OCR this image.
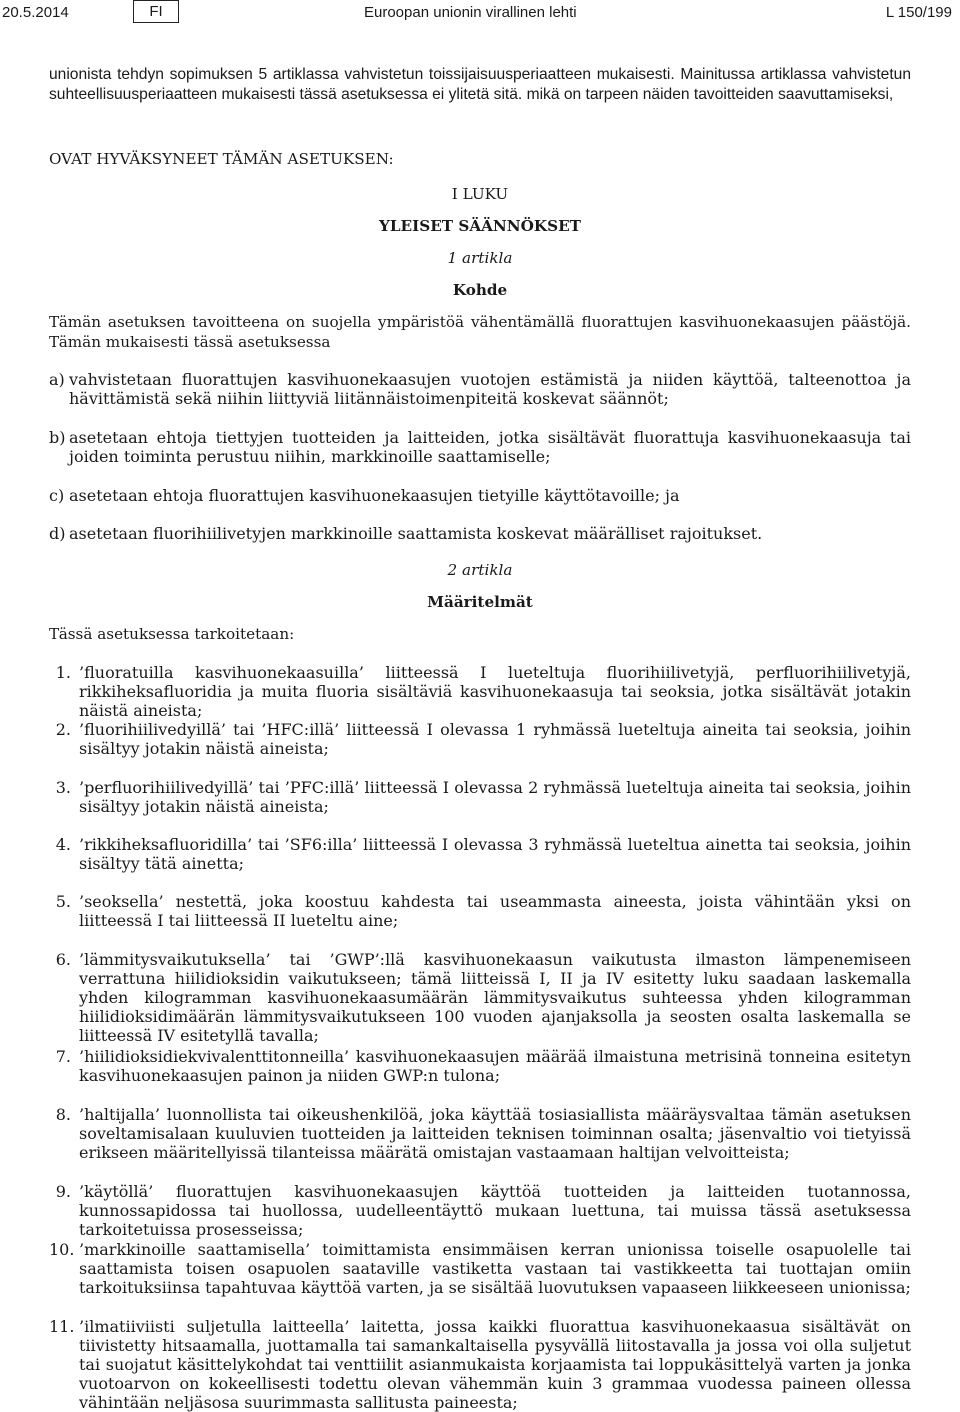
20.5.2014	FI	Euroopan unionin virallinen lehti	L 150/199

unionista tehdyn sopimuksen 5 artiklassa vahvistetun toissijaisuusperiaatteen mukaisesti. Mainitussa artiklassa vahvistetun suhteellisuusperiaatteen mukaisesti tässä asetuksessa ei ylitetä sitä. mikä on tarpeen näiden tavoitteiden saavuttamiseksi,

OVAT HYVÄKSYNEET TÄMÄN ASETUKSEN:

I LUKU

YLEISET SÄÄNNÖKSET

1 artikla

Kohde

Tämän asetuksen tavoitteena on suojella ympäristöä vähentämällä fluorattujen kasvihuonekaasujen päästöjä. Tämän mukaisesti tässä asetuksessa

a) vahvistetaan fluorattujen kasvihuonekaasujen vuotojen estämistä ja niiden käyttöä, talteenottoa ja hävittämistä sekä niihin liittyviä liitännäistoimenpiteitä koskevat säännöt;

b) asetetaan ehtoja tiettyjen tuotteiden ja laitteiden, jotka sisältävät fluorattuja kasvihuonekaasuja tai joiden toiminta perustuu niihin, markkinoille saattamiselle;

c) asetetaan ehtoja fluorattujen kasvihuonekaasujen tietyille käyttötavoille; ja

d) asetetaan fluorihiilivetyjen markkinoille saattamista koskevat määrälliset rajoitukset.

2 artikla

Määritelmät

Tässä asetuksessa tarkoitetaan:

1. ’fluoratuilla kasvihuonekaasuilla’ liitteessä I lueteltuja fluorihiilivetyjä, perfluorihiilivetyjä, rikkiheksafluoridia ja muita fluoria sisältäviä kasvihuonekaasuja tai seoksia, jotka sisältävät jotakin näistä aineista;

2. ’fluorihiilivedyillä’ tai ’HFC:illä’ liitteessä I olevassa 1 ryhmässä lueteltuja aineita tai seoksia, joihin sisältyy jotakin näistä aineista;

3. ’perfluorihiilivedyillä’ tai ’PFC:illä’ liitteessä I olevassa 2 ryhmässä lueteltuja aineita tai seoksia, joihin sisältyy jotakin näistä aineista;

4. ’rikkiheksafluoridilla’ tai ’SF6:illa’ liitteessä I olevassa 3 ryhmässä lueteltua ainetta tai seoksia, joihin sisältyy tätä ainetta;

5. ’seoksella’ nestettä, joka koostuu kahdesta tai useammasta aineesta, joista vähintään yksi on liitteessä I tai liitteessä II lueteltu aine;

6. ’lämmitysvaikutuksella’ tai ’GWP’:llä kasvihuonekaasun vaikutusta ilmaston lämpenemiseen verrattuna hiilidioksidin vaikutukseen; tämä liitteissä I, II ja IV esitetty luku saadaan laskemalla yhden kilogramman kasvihuonekaasumäärän lämmitysvaikutus suhteessa yhden kilogramman hiilidioksidimäärän lämmitysvaikutukseen 100 vuoden ajanjaksolla ja seosten osalta laskemalla se liitteessä IV esitetyllä tavalla;

7. ’hiilidioksidiekvivalenttitonneilla’ kasvihuonekaasujen määrää ilmaistuna metrisinä tonneina esitetyn kasvihuonekaasujen painon ja niiden GWP:n tulona;

8. ’haltijalla’ luonnollista tai oikeushenkilöä, joka käyttää tosiasiallista määräysvaltaa tämän asetuksen soveltamisalaan kuuluvien tuotteiden ja laitteiden teknisen toiminnan osalta; jäsenvaltio voi tietyissä erikseen määritellyissä tilanteissa määrätä omistajan vastaamaan haltijan velvoitteista;

9. ’käytöllä’ fluorattujen kasvihuonekaasujen käyttöä tuotteiden ja laitteiden tuotannossa, kunnossapidossa tai huollossa, uudelleentäyttö mukaan luettuna, tai muissa tässä asetuksessa tarkoitetuissa prosesseissa;

10. ’markkinoille saattamisella’ toimittamista ensimmäisen kerran unionissa toiselle osapuolelle tai saattamista toisen osapuolen saataville vastiketta vastaan tai vastikkeetta tai tuottajan omiin tarkoituksiinsa tapahtuvaa käyttöä varten, ja se sisältää luovutuksen vapaaseen liikkeeseen unionissa;

11. ’ilmatiiviisti suljetulla laitteella’ laitetta, jossa kaikki fluorattua kasvihuonekaasua sisältävät on tiivistetty hitsaamalla, juottamalla tai samankaltaisella pysyvällä liitostavalla ja jossa voi olla suljetut tai suojatut käsittelykohdat tai venttiilit asianmukaista korjaamista tai loppukäsittelyä varten ja jonka vuotoarvon on kokeellisesti todettu olevan vähemmän kuin 3 grammaa vuodessa paineen ollessa vähintään neljäsosa suurimmasta sallitusta paineesta;
